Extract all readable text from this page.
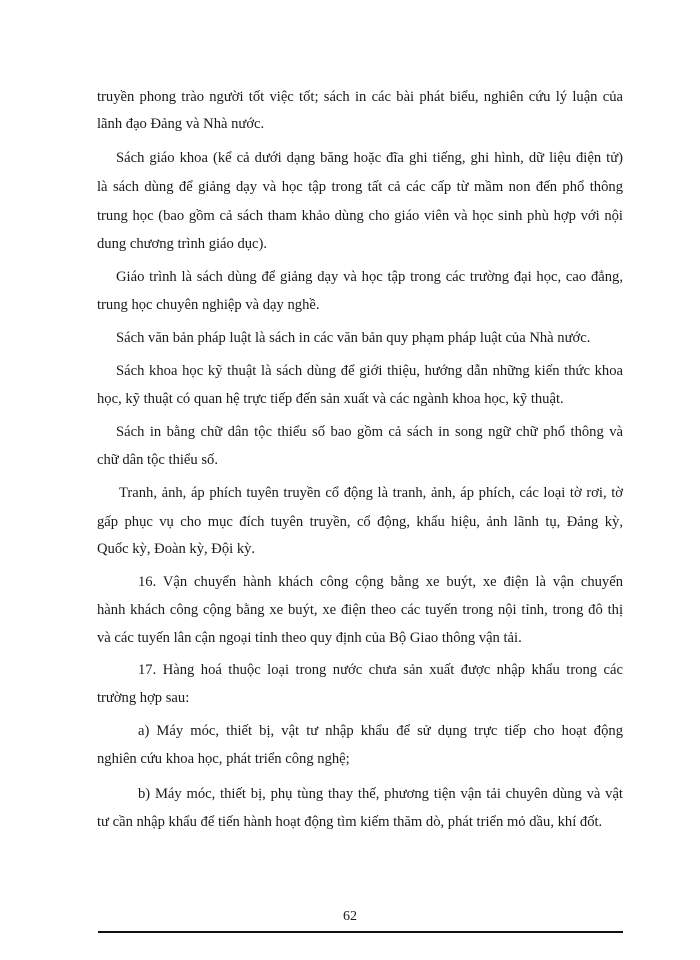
truyền phong trào người tốt việc tốt; sách in các bài phát biểu, nghiên cứu lý luận của
lãnh đạo Đảng và Nhà nước.
Sách giáo khoa (kể cả dưới dạng băng hoặc đĩa ghi tiếng, ghi hình, dữ liệu điện tử)
là sách dùng để giảng dạy và học tập trong tất cả các cấp từ mầm non đến phổ thông
trung học (bao gồm cả sách tham khảo dùng cho giáo viên và học sinh phù hợp với nội
dung chương trình giáo dục).
Giáo trình là sách dùng để giảng dạy và học tập trong các trường đại học, cao đẳng,
trung học chuyên nghiệp và dạy nghề.
Sách văn bản pháp luật là sách in các văn bản quy phạm pháp luật của Nhà nước.
Sách khoa học kỹ thuật là sách dùng để giới thiệu, hướng dẫn những kiến thức khoa
học, kỹ thuật có quan hệ trực tiếp đến sản xuất và các ngành khoa học, kỹ thuật.
Sách in bằng chữ dân tộc thiểu số bao gồm cả sách in song ngữ chữ phổ thông và
chữ dân tộc thiểu số.
Tranh, ảnh, áp phích tuyên truyền cổ động là tranh, ảnh, áp phích, các loại tờ rơi, tờ
gấp phục vụ cho mục đích tuyên truyền, cổ động, khẩu hiệu, ảnh lãnh tụ, Đảng kỳ,
Quốc kỳ, Đoàn kỳ, Đội kỳ.
16. Vận chuyển hành khách công cộng bằng xe buýt, xe điện là vận chuyển
hành khách công cộng bằng xe buýt, xe điện theo các tuyến trong nội tỉnh, trong đô thị
và các tuyến lân cận ngoại tỉnh theo quy định của Bộ Giao thông vận tải.
17. Hàng hoá thuộc loại trong nước chưa sản xuất được nhập khẩu trong các
trường hợp sau:
a) Máy móc, thiết bị, vật tư nhập khẩu để sử dụng trực tiếp cho hoạt động
nghiên cứu khoa học, phát triển công nghệ;
b) Máy móc, thiết bị, phụ tùng thay thế, phương tiện vận tải chuyên dùng và vật
tư cần nhập khẩu để tiến hành hoạt động tìm kiếm thăm dò, phát triển mỏ dầu, khí đốt.
62
